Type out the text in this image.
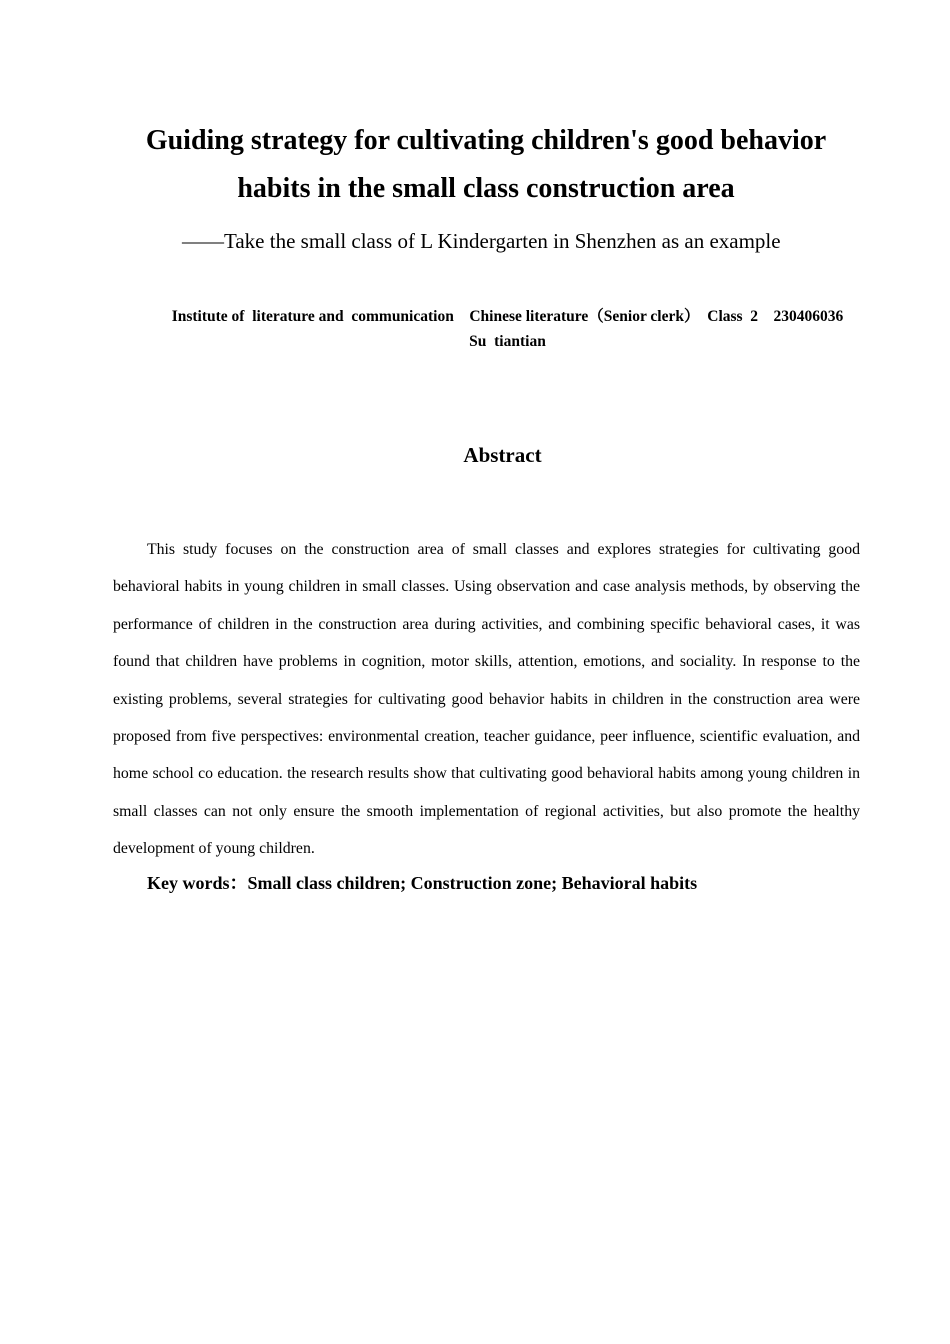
Guiding strategy for cultivating children's good behavior
habits in the small class construction area
——Take the small class of L Kindergarten in Shenzhen as an example
Institute of  literature and  communication    Chinese literature（Senior clerk）  Class  2    230406036
Su  tiantian
Abstract

This study focuses on the construction area of small classes and explores strategies for cultivating good behavioral habits in young children in small classes. Using observation and case analysis methods, by observing the performance of children in the construction area during activities, and combining specific behavioral cases, it was found that children have problems in cognition, motor skills, attention, emotions, and sociality. In response to the existing problems, several strategies for cultivating good behavior habits in children in the construction area were proposed from five perspectives: environmental creation, teacher guidance, peer influence, scientific evaluation, and home school co education. the research results show that cultivating good behavioral habits among young children in small classes can not only ensure the smooth implementation of regional activities, but also promote the healthy development of young children.

Key words：Small class children; Construction zone; Behavioral habits
